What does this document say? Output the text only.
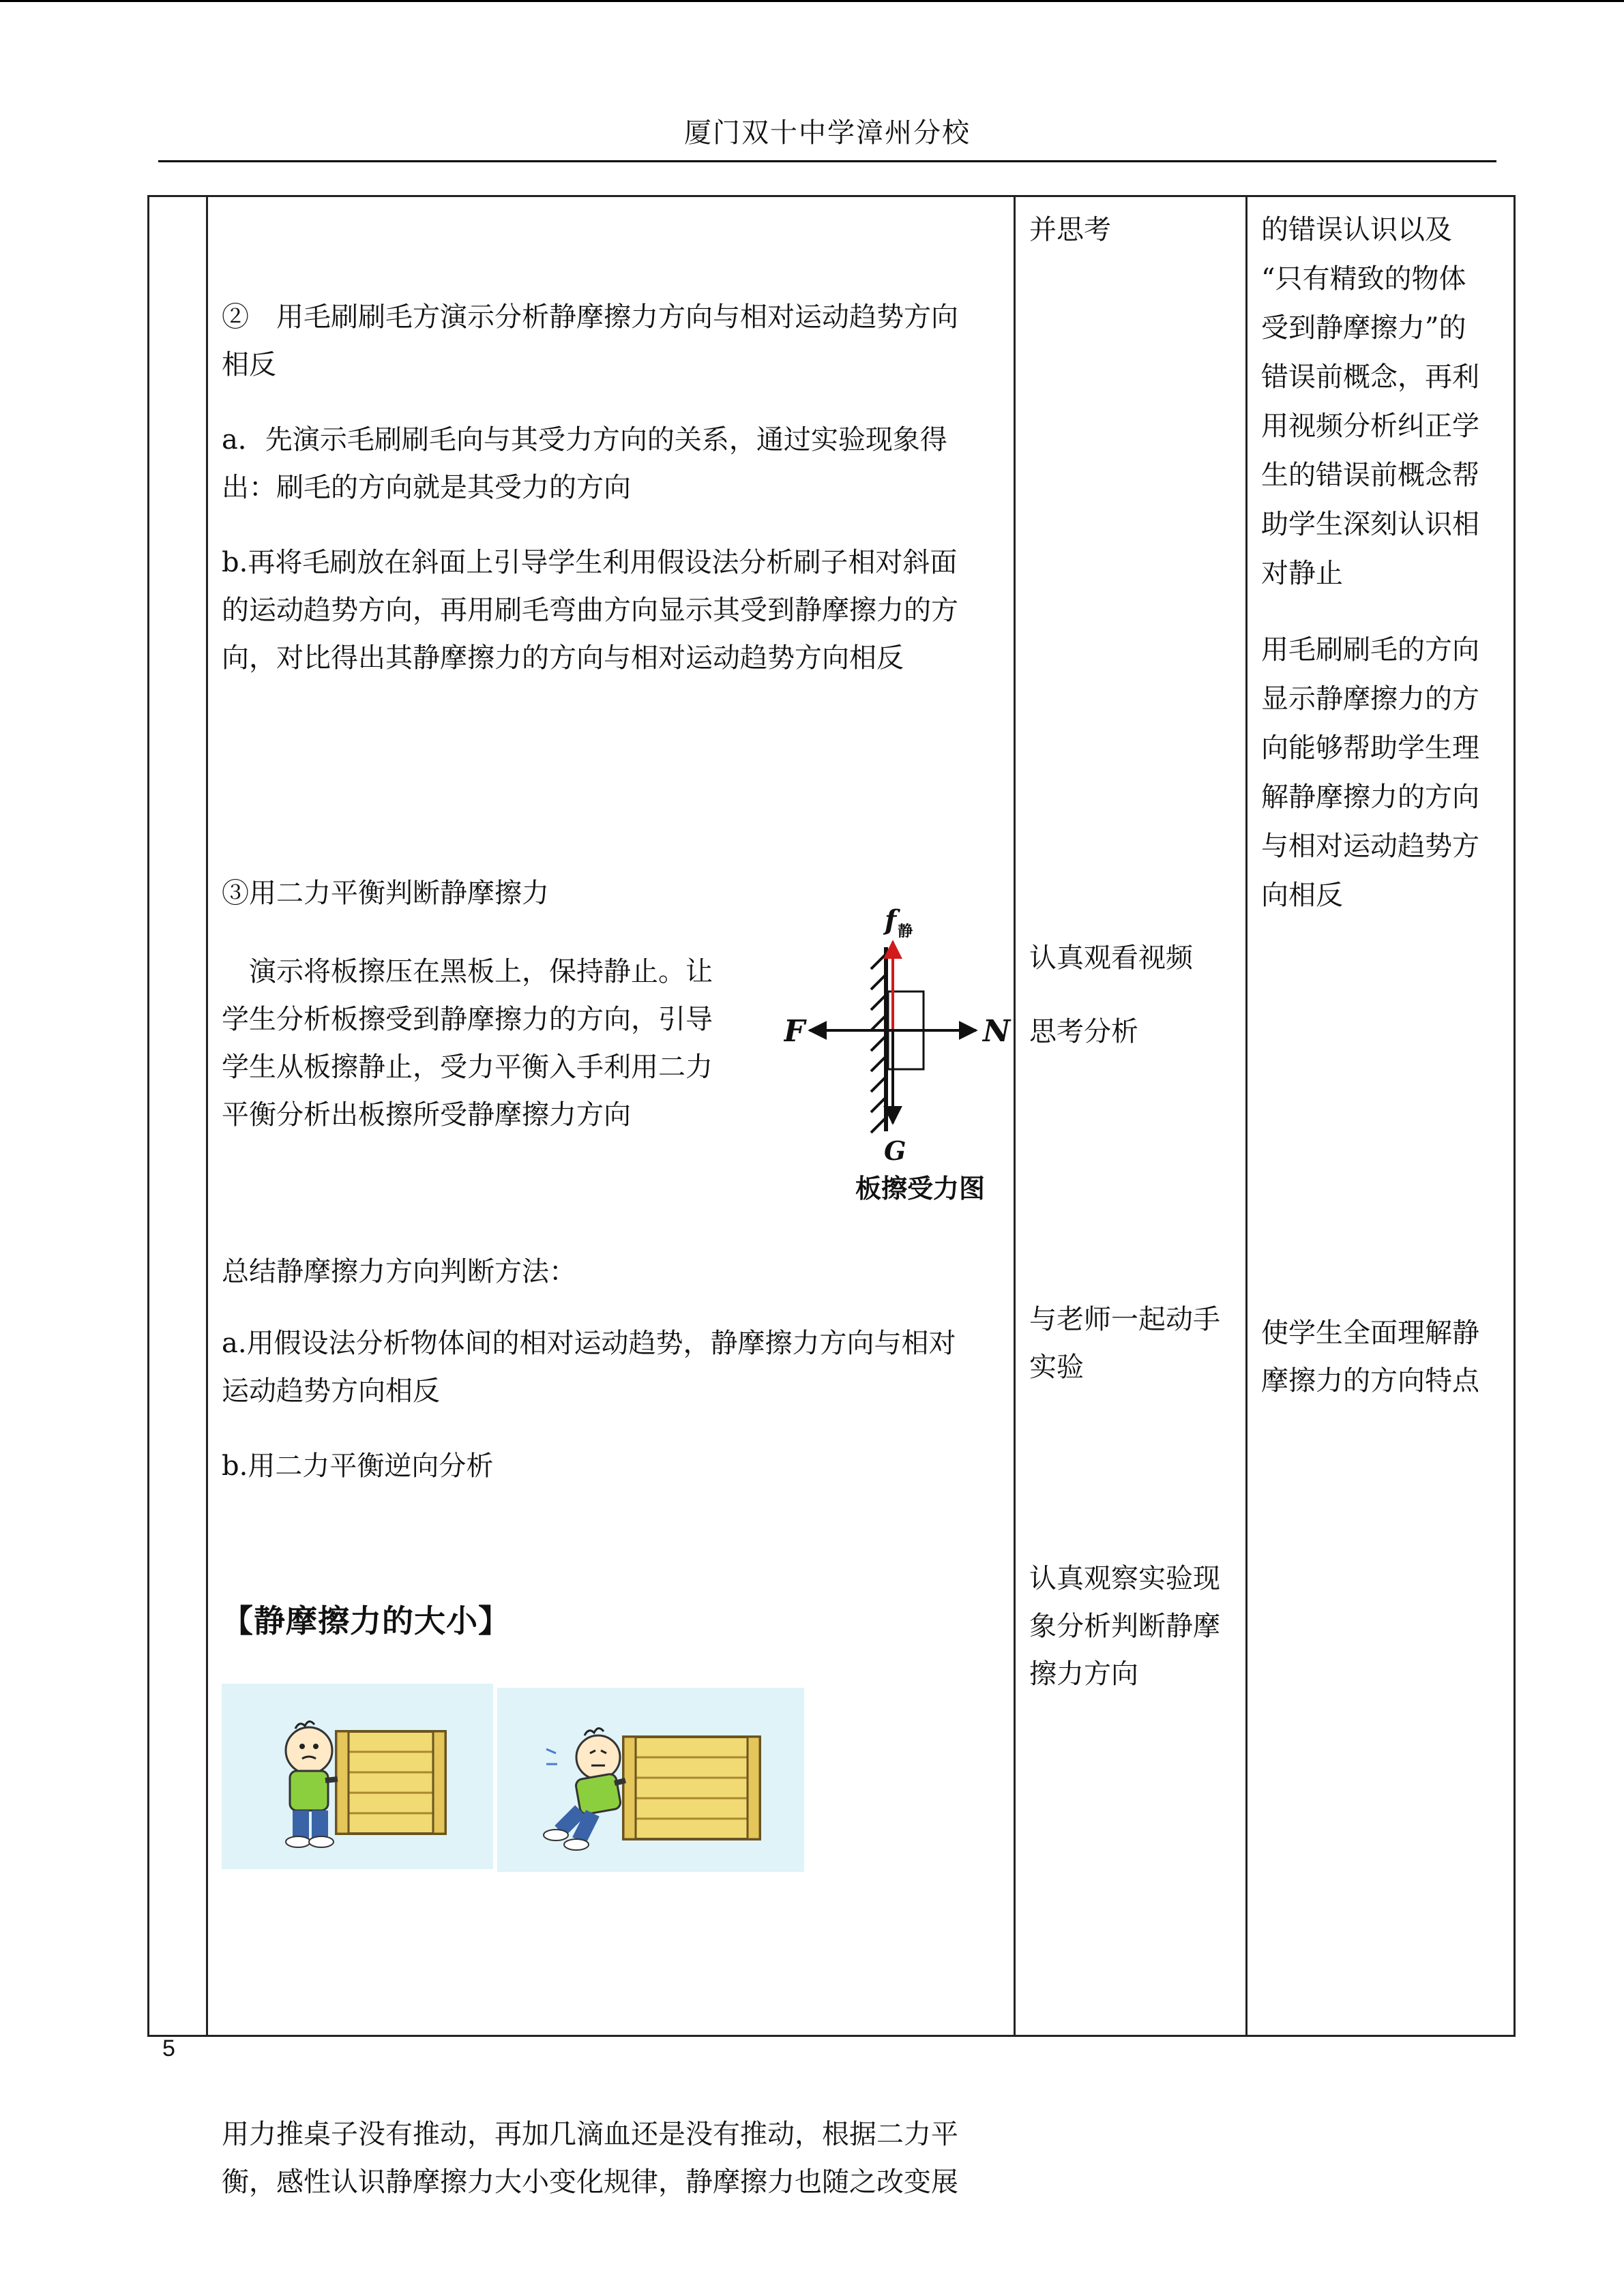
厦门双十中学漳州分校
②　用毛刷刷毛方演示分析静摩擦力方向与相对运动趋势方向
相反
a．先演示毛刷刷毛向与其受力方向的关系，通过实验现象得
出：刷毛的方向就是其受力的方向
b.再将毛刷放在斜面上引导学生利用假设法分析刷子相对斜面
的运动趋势方向，再用刷毛弯曲方向显示其受到静摩擦力的方
向，对比得出其静摩擦力的方向与相对运动趋势方向相反
③用二力平衡判断静摩擦力
　演示将板擦压在黑板上，保持静止。让
学生分析板擦受到静摩擦力的方向，引导
学生从板擦静止，受力平衡入手利用二力
平衡分析出板擦所受静摩擦力方向
$f_静$
F	N
G
板擦受力图
总结静摩擦力方向判断方法：
a.用假设法分析物体间的相对运动趋势，静摩擦力方向与相对
运动趋势方向相反
b.用二力平衡逆向分析
【静摩擦力的大小】
用力推桌子没有推动，再加几滴血还是没有推动，根据二力平
衡，感性认识静摩擦力大小变化规律，静摩擦力也随之改变展
并思考
认真观看视频
思考分析
与老师一起动手
实验
认真观察实验现
象分析判断静摩
擦力方向
的错误认识以及
“只有精致的物体
受到静摩擦力”的
错误前概念，再利
用视频分析纠正学
生的错误前概念帮
助学生深刻认识相
对静止
用毛刷刷毛的方向
显示静摩擦力的方
向能够帮助学生理
解静摩擦力的方向
与相对运动趋势方
向相反
使学生全面理解静
摩擦力的方向特点
5
